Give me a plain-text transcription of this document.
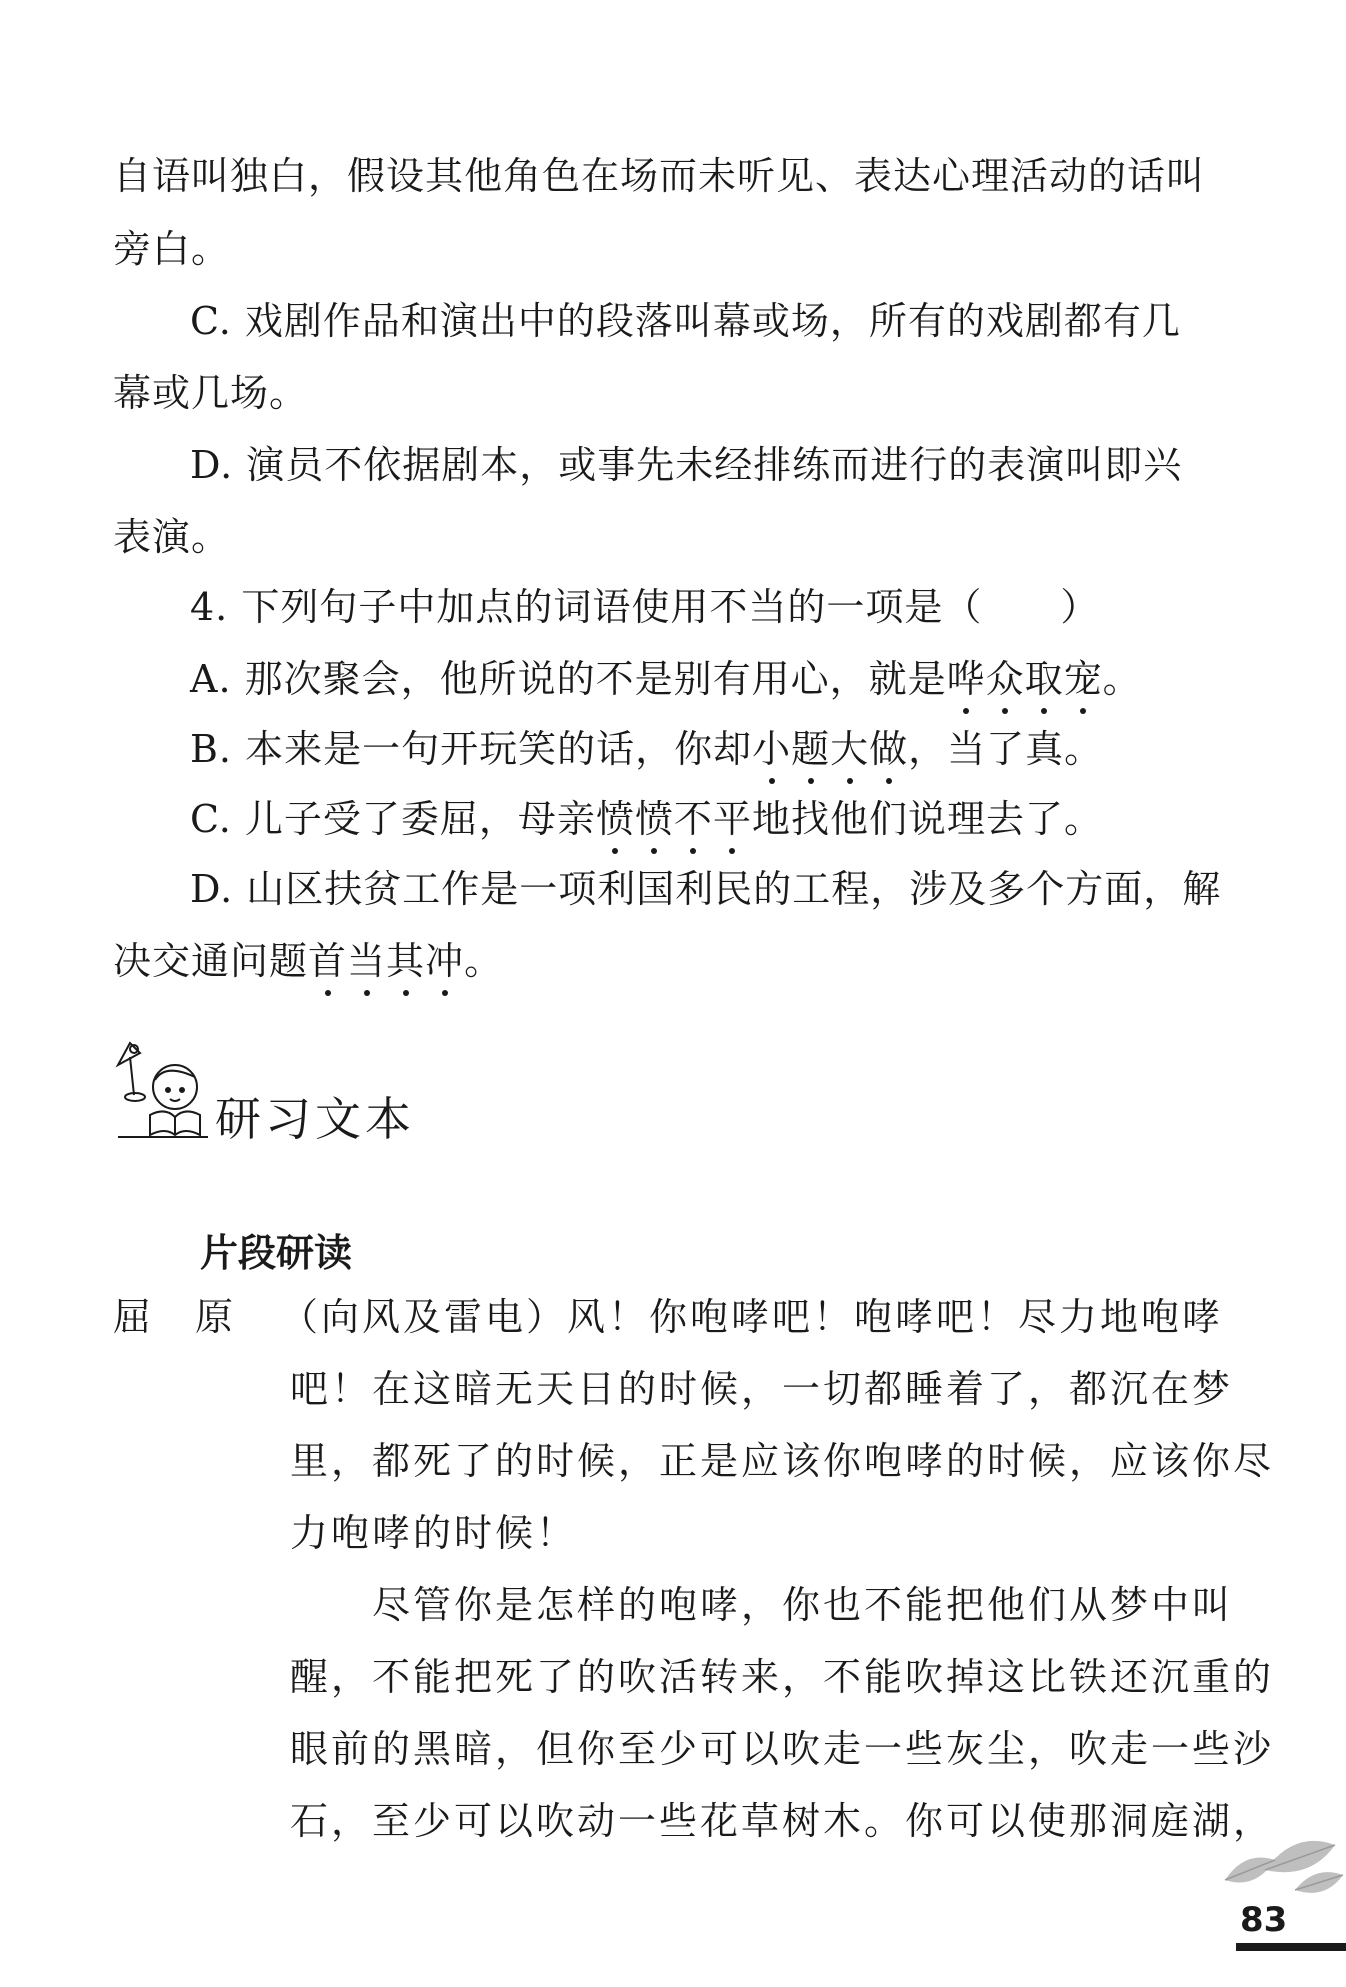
自语叫独白，假设其他角色在场而未听见、表达心理活动的话叫
旁白。
C. 戏剧作品和演出中的段落叫幕或场，所有的戏剧都有几
幕或几场。
D. 演员不依据剧本，或事先未经排练而进行的表演叫即兴
表演。
4. 下列句子中加点的词语使用不当的一项是（　　）
A. 那次聚会，他所说的不是别有用心，就是哗众取宠。
B. 本来是一句开玩笑的话，你却小题大做，当了真。
C. 儿子受了委屈，母亲愤愤不平地找他们说理去了。
D. 山区扶贫工作是一项利国利民的工程，涉及多个方面，解
决交通问题首当其冲。
研习文本
片段研读
屈　原 （向风及雷电）风！你咆哮吧！咆哮吧！尽力地咆哮
吧！在这暗无天日的时候，一切都睡着了，都沉在梦
里，都死了的时候，正是应该你咆哮的时候，应该你尽
力咆哮的时候！
　　尽管你是怎样的咆哮，你也不能把他们从梦中叫
醒，不能把死了的吹活转来，不能吹掉这比铁还沉重的
眼前的黑暗，但你至少可以吹走一些灰尘，吹走一些沙
石，至少可以吹动一些花草树木。你可以使那洞庭湖，
83
